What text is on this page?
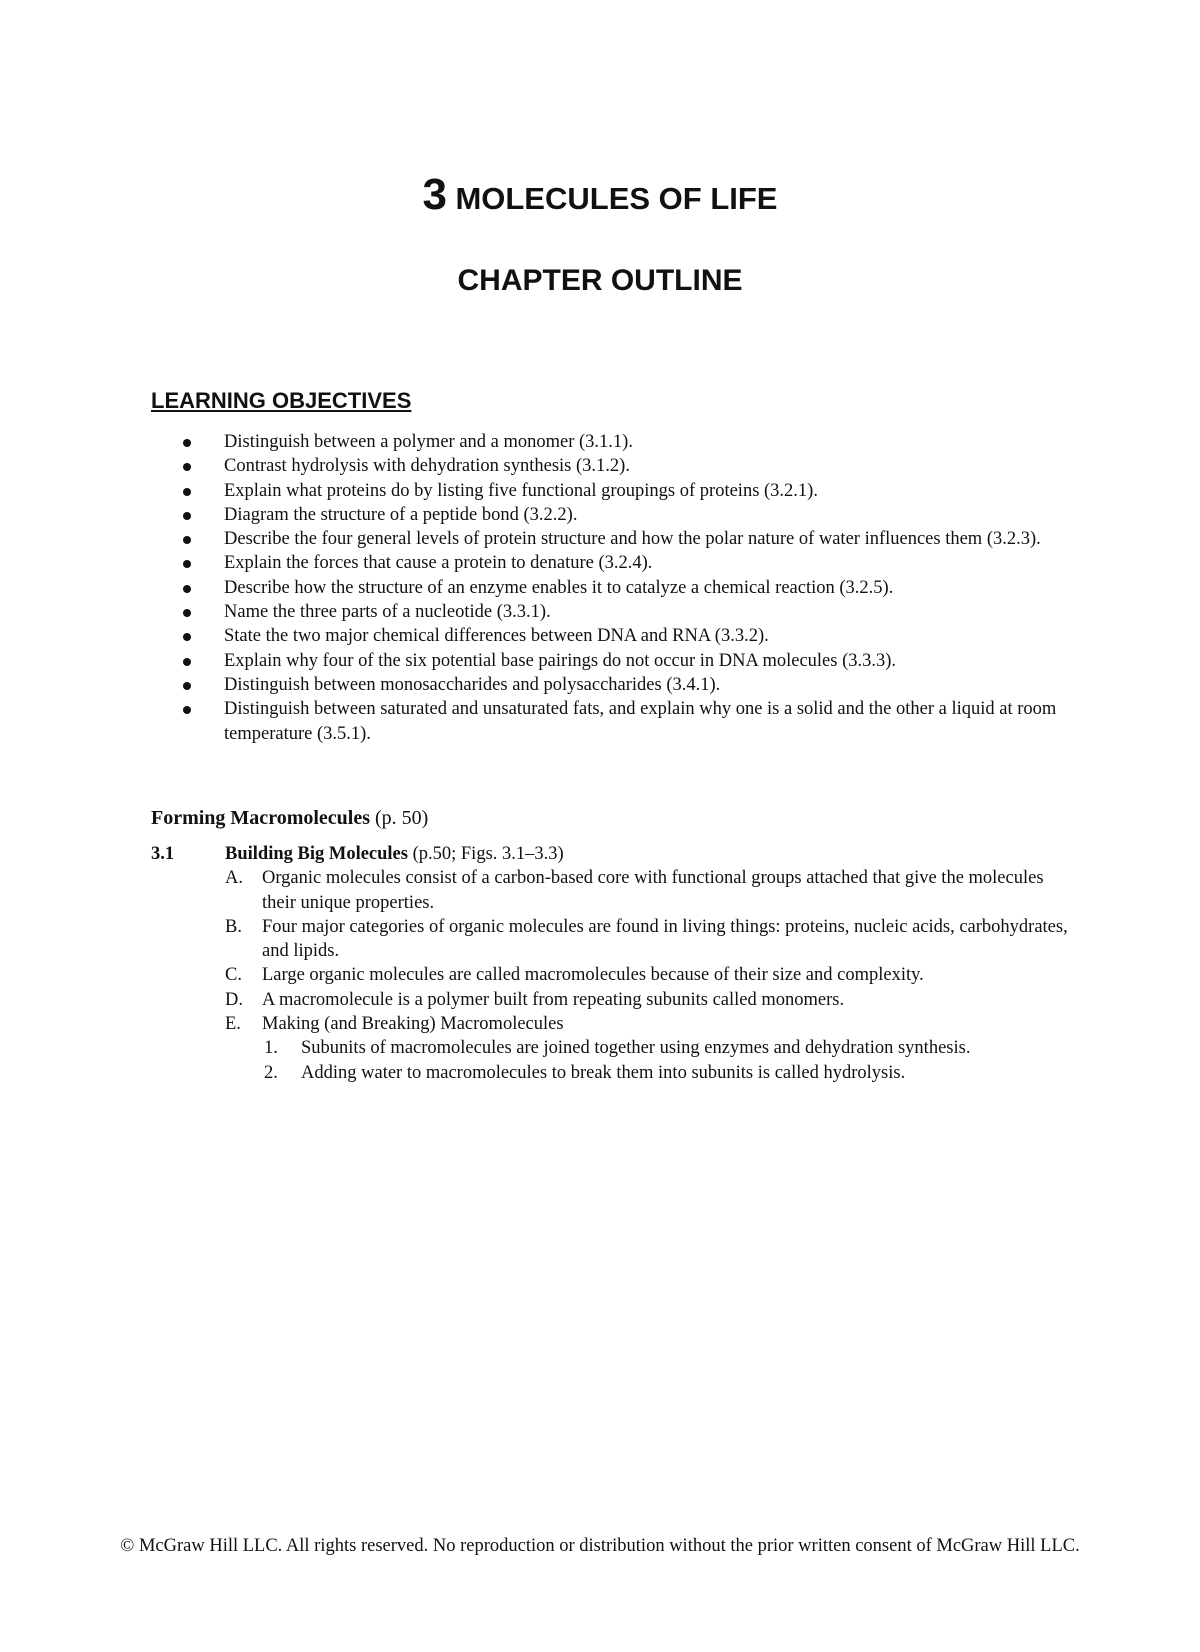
3 MOLECULES OF LIFE
CHAPTER OUTLINE
LEARNING OBJECTIVES
Distinguish between a polymer and a monomer (3.1.1).
Contrast hydrolysis with dehydration synthesis (3.1.2).
Explain what proteins do by listing five functional groupings of proteins (3.2.1).
Diagram the structure of a peptide bond (3.2.2).
Describe the four general levels of protein structure and how the polar nature of water influences them (3.2.3).
Explain the forces that cause a protein to denature (3.2.4).
Describe how the structure of an enzyme enables it to catalyze a chemical reaction (3.2.5).
Name the three parts of a nucleotide (3.3.1).
State the two major chemical differences between DNA and RNA (3.3.2).
Explain why four of the six potential base pairings do not occur in DNA molecules (3.3.3).
Distinguish between monosaccharides and polysaccharides (3.4.1).
Distinguish between saturated and unsaturated fats, and explain why one is a solid and the other a liquid at room temperature (3.5.1).
Forming Macromolecules (p. 50)
3.1	Building Big Molecules (p.50; Figs. 3.1–3.3)
A. Organic molecules consist of a carbon-based core with functional groups attached that give the molecules their unique properties.
B. Four major categories of organic molecules are found in living things: proteins, nucleic acids, carbohydrates, and lipids.
C. Large organic molecules are called macromolecules because of their size and complexity.
D. A macromolecule is a polymer built from repeating subunits called monomers.
E. Making (and Breaking) Macromolecules
1. Subunits of macromolecules are joined together using enzymes and dehydration synthesis.
2. Adding water to macromolecules to break them into subunits is called hydrolysis.
© McGraw Hill LLC. All rights reserved. No reproduction or distribution without the prior written consent of McGraw Hill LLC.
